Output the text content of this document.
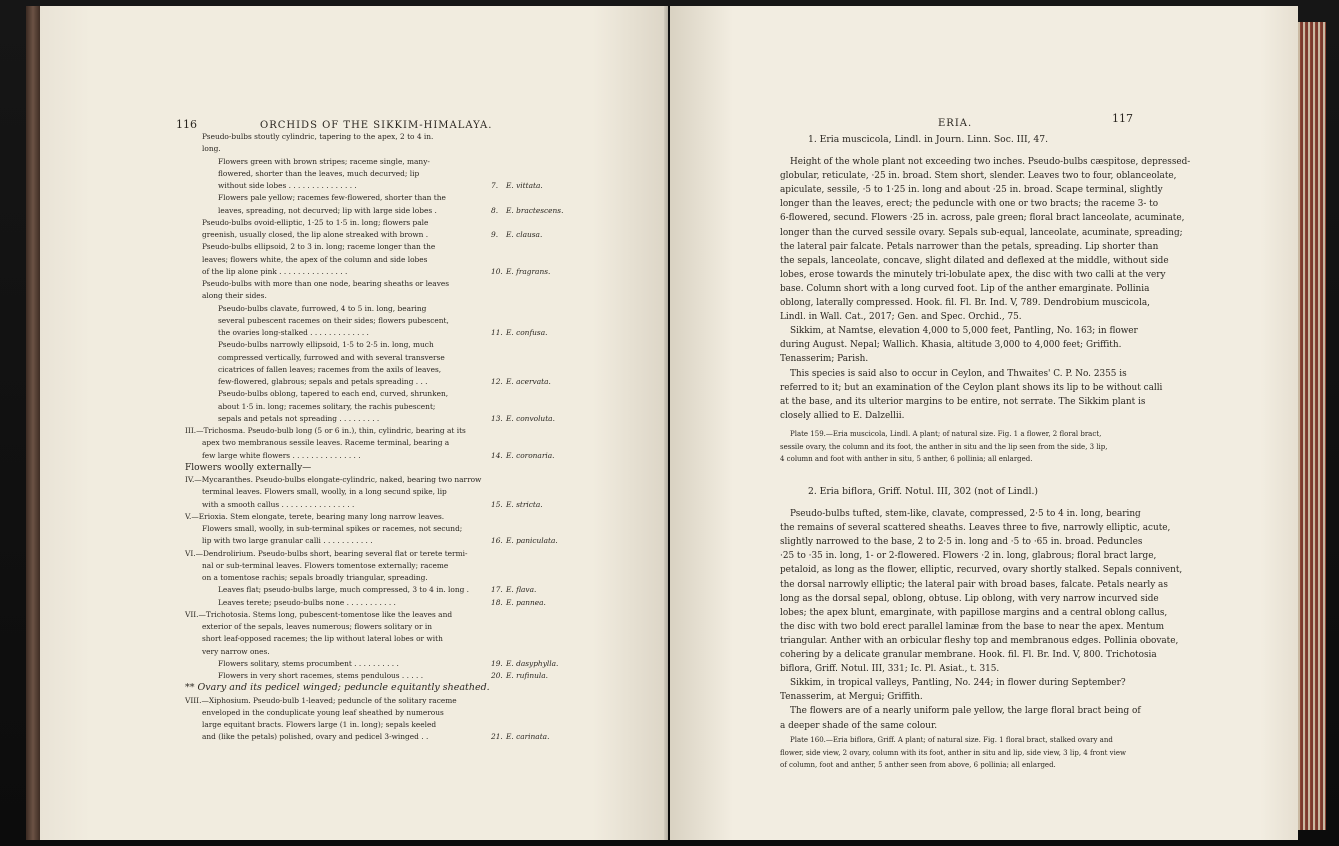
116	ORCHIDS OF THE SIKKIM-HIMALAYA.	ERIA.	117
Pseudo-bulbs stoutly cylindric, tapering to the apex, 2 to 4 in.
long.
Flowers green with brown stripes; raceme single, many-
flowered, shorter than the leaves, much decurved; lip
without side lobes . . . . . . . . . . . . . . .	7. E. vittata.
Flowers pale yellow; racemes few-flowered, shorter than the
leaves, spreading, not decurved; lip with large side lobes .	8. E. bractescens.
Pseudo-bulbs ovoid-elliptic, 1·25 to 1·5 in. long; flowers pale
greenish, usually closed, the lip alone streaked with brown .	9. E. clausa.
Pseudo-bulbs ellipsoid, 2 to 3 in. long; raceme longer than the
leaves; flowers white, the apex of the column and side lobes
of the lip alone pink . . . . . . . . . . . . . . .	10. E. fragrans.
Pseudo-bulbs with more than one node, bearing sheaths or leaves
along their sides.
Pseudo-bulbs clavate, furrowed, 4 to 5 in. long, bearing
several pubescent racemes on their sides; flowers pubescent,
the ovaries long-stalked . . . . . . . . . . . . .	11. E. confusa.
Pseudo-bulbs narrowly ellipsoid, 1·5 to 2·5 in. long, much
compressed vertically, furrowed and with several transverse
cicatrices of fallen leaves; racemes from the axils of leaves,
few-flowered, glabrous; sepals and petals spreading . . .	12. E. acervata.
Pseudo-bulbs oblong, tapered to each end, curved, shrunken,
about 1·5 in. long; racemes solitary, the rachis pubescent;
sepals and petals not spreading . . . . . . . . .	13. E. convoluta.
III.—Trichosma. Pseudo-bulb long (5 or 6 in.), thin, cylindric, bearing at its
apex two membranous sessile leaves. Raceme terminal, bearing a
few large white flowers . . . . . . . . . . . . . . .	14. E. coronaria.
Flowers woolly externally—
IV.—Mycaranthes. Pseudo-bulbs elongate-cylindric, naked, bearing two narrow
terminal leaves. Flowers small, woolly, in a long secund spike, lip
with a smooth callus . . . . . . . . . . . . . . . .	15. E. stricta.
V.—Erioxia. Stem elongate, terete, bearing many long narrow leaves.
Flowers small, woolly, in sub-terminal spikes or racemes, not secund;
lip with two large granular calli . . . . . . . . . . .	16. E. paniculata.
VI.—Dendrolirium. Pseudo-bulbs short, bearing several flat or terete termi-
nal or sub-terminal leaves. Flowers tomentose externally; raceme
on a tomentose rachis; sepals broadly triangular, spreading.
Leaves flat; pseudo-bulbs large, much compressed, 3 to 4 in. long .	17. E. flava.
Leaves terete; pseudo-bulbs none . . . . . . . . . . .	18. E. pannea.
VII.—Trichotosia. Stems long, pubescent-tomentose like the leaves and
exterior of the sepals, leaves numerous; flowers solitary or in
short leaf-opposed racemes; the lip without lateral lobes or with
very narrow ones.
Flowers solitary, stems procumbent . . . . . . . . . .	19. E. dasyphylla.
Flowers in very short racemes, stems pendulous . . . . .	20. E. rufinula.
** Ovary and its pedicel winged; peduncle equitantly sheathed.
VIII.—Xiphosium. Pseudo-bulb 1-leaved; peduncle of the solitary raceme
enveloped in the conduplicate young leaf sheathed by numerous
large equitant bracts. Flowers large (1 in. long); sepals keeled
and (like the petals) polished, ovary and pedicel 3-winged . .	21. E. carinata.
1. Eria muscicola, Lindl. in Journ. Linn. Soc. III, 47.
Height of the whole plant not exceeding two inches. Pseudo-bulbs cæspitose, depressed-
globular, reticulate, ·25 in. broad. Stem short, slender. Leaves two to four, oblanceolate,
apiculate, sessile, ·5 to 1·25 in. long and about ·25 in. broad. Scape terminal, slightly
longer than the leaves, erect; the peduncle with one or two bracts; the raceme 3- to
6-flowered, secund. Flowers ·25 in. across, pale green; floral bract lanceolate, acuminate,
longer than the curved sessile ovary. Sepals sub-equal, lanceolate, acuminate, spreading;
the lateral pair falcate. Petals narrower than the petals, spreading. Lip shorter than
the sepals, lanceolate, concave, slight dilated and deflexed at the middle, without side
lobes, erose towards the minutely tri-lobulate apex, the disc with two calli at the very
base. Column short with a long curved foot. Lip of the anther emarginate. Pollinia
oblong, laterally compressed. Hook. fil. Fl. Br. Ind. V, 789. Dendrobium muscicola,
Lindl. in Wall. Cat., 2017; Gen. and Spec. Orchid., 75.
Sikkim, at Namtse, elevation 4,000 to 5,000 feet, Pantling, No. 163; in flower
during August. Nepal; Wallich. Khasia, altitude 3,000 to 4,000 feet; Griffith.
Tenasserim; Parish.
This species is said also to occur in Ceylon, and Thwaites' C. P. No. 2355 is
referred to it; but an examination of the Ceylon plant shows its lip to be without calli
at the base, and its ulterior margins to be entire, not serrate. The Sikkim plant is
closely allied to E. Dalzellii.
Plate 159.—Eria muscicola, Lindl. A plant; of natural size. Fig. 1 a flower, 2 floral bract,
sessile ovary, the column and its foot, the anther in situ and the lip seen from the side, 3 lip,
4 column and foot with anther in situ, 5 anther, 6 pollinia; all enlarged.
2. Eria biflora, Griff. Notul. III, 302 (not of Lindl.)
Pseudo-bulbs tufted, stem-like, clavate, compressed, 2·5 to 4 in. long, bearing
the remains of several scattered sheaths. Leaves three to five, narrowly elliptic, acute,
slightly narrowed to the base, 2 to 2·5 in. long and ·5 to ·65 in. broad. Peduncles
·25 to ·35 in. long, 1- or 2-flowered. Flowers ·2 in. long, glabrous; floral bract large,
petaloid, as long as the flower, elliptic, recurved, ovary shortly stalked. Sepals connivent,
the dorsal narrowly elliptic; the lateral pair with broad bases, falcate. Petals nearly as
long as the dorsal sepal, oblong, obtuse. Lip oblong, with very narrow incurved side
lobes; the apex blunt, emarginate, with papillose margins and a central oblong callus,
the disc with two bold erect parallel laminæ from the base to near the apex. Mentum
triangular. Anther with an orbicular fleshy top and membranous edges. Pollinia obovate,
cohering by a delicate granular membrane. Hook. fil. Fl. Br. Ind. V, 800. Trichotosia
biflora, Griff. Notul. III, 331; Ic. Pl. Asiat., t. 315.
Sikkim, in tropical valleys, Pantling, No. 244; in flower during September?
Tenasserim, at Mergui; Griffith.
The flowers are of a nearly uniform pale yellow, the large floral bract being of
a deeper shade of the same colour.
Plate 160.—Eria biflora, Griff. A plant; of natural size. Fig. 1 floral bract, stalked ovary and
flower, side view, 2 ovary, column with its foot, anther in situ and lip, side view, 3 lip, 4 front view
of column, foot and anther, 5 anther seen from above, 6 pollinia; all enlarged.
